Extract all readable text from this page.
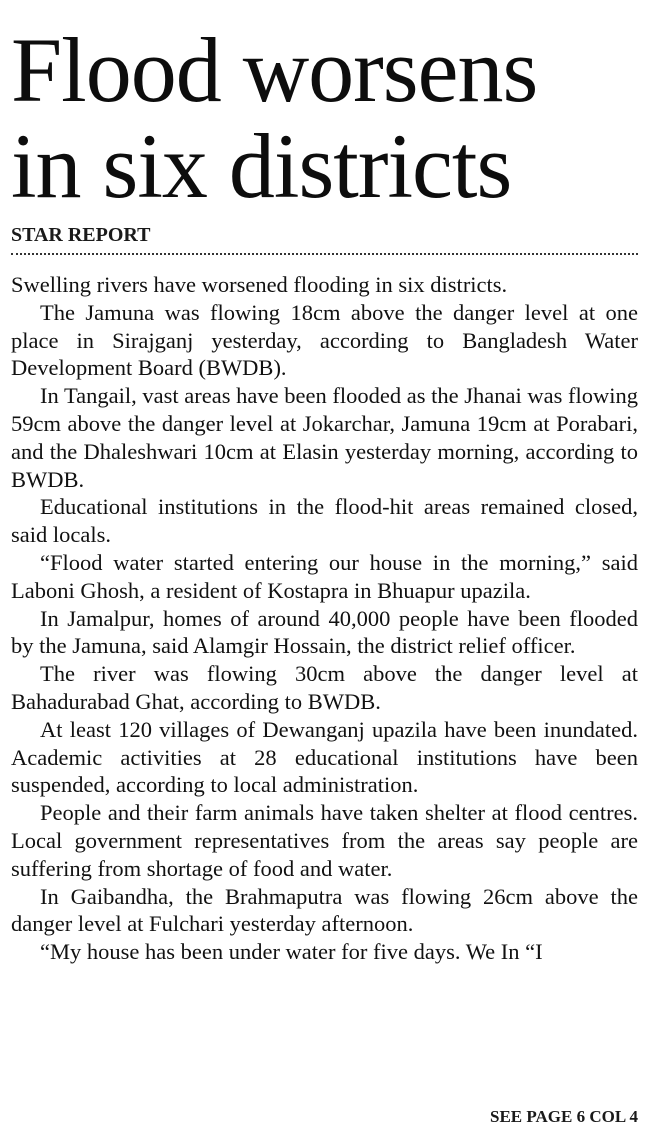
Flood worsens
in six districts
STAR REPORT

Swelling rivers have worsened flooding in six districts.

The Jamuna was flowing 18cm above the danger level at one place in Sirajganj yesterday, according to Bangladesh Water Development Board (BWDB).

In Tangail, vast areas have been flooded as the Jhanai was flowing 59cm above the danger level at Jokarchar, Jamuna 19cm at Porabari, and the Dhaleshwari 10cm at Elasin yesterday morning, according to BWDB.

Educational institutions in the flood-hit areas remained closed, said locals.

“Flood water started entering our house in the morning,” said Laboni Ghosh, a resident of Kostapra in Bhuapur upazila.

In Jamalpur, homes of around 40,000 people have been flooded by the Jamuna, said Alamgir Hossain, the district relief officer.

The river was flowing 30cm above the danger level at Bahadurabad Ghat, according to BWDB.

At least 120 villages of Dewanganj upazila have been inundated. Academic activities at 28 educational institutions have been suspended, according to local administration.

People and their farm animals have taken shelter at flood centres. Local government representatives from the areas say people are suffering from shortage of food and water.

In Gaibandha, the Brahmaputra was flowing 26cm above the danger level at Fulchari yesterday afternoon.

“My house has been under water for five days. We In “I

SEE PAGE 6 COL 4
